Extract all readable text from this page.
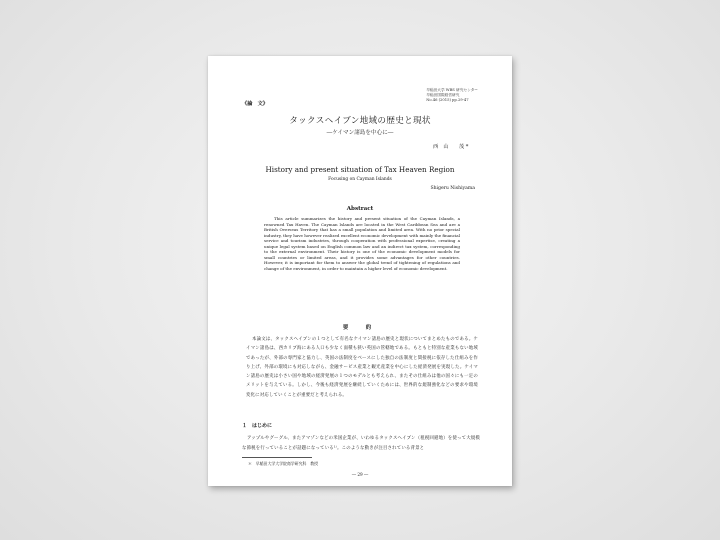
早稲田大学 WBS 研究センター
早稲田国際経営研究
No.46 (2015) pp.29-47
《論　文》
タックスヘイブン地域の歴史と現状
―ケイマン諸島を中心に―
西　山　　茂 *
History and present situation of Tax Heaven Region
Focusing on Cayman Islands
Shigeru Nishiyama
Abstract
This article summarizes the history and present situation of the Cayman Islands, a renowned Tax Haven. The Cayman Islands are located in the West Caribbean Sea and are a British Overseas Territory that has a small population and limited area. With no prior special industry, they have however realized excellent economic development with mainly the financial service and tourism industries, through cooperation with professional expertise, creating a unique legal system based on English common law and an indirect tax system, corresponding to the external environment. Their history is one of the economic development models for small countries or limited areas, and it provides some advantages for other countries. However, it is important for them to answer the global trend of tightening of regulations and change of the environment, in order to maintain a higher level of economic development.
要　約
本論文は、タックスヘイブンの１つとして有名なケイマン諸島の歴史と現状についてまとめたものである。ケイマン諸島は、西カリブ海にある人口も少なく面積も狭い英国の管轄地である。もともと特別な産業もない地域であったが、外部の専門家と協力し、英国の法制度をベースにした独自の法制度と間接税に依存した仕組みを作り上げ、外部の環境にも対応しながら、金融サービス産業と観光産業を中心にした経済発展を実現した。ケイマン諸島の歴史は小さい国や地域の経済発展の１つのモデルとも考えられ、またその仕組みは他の国々にも一定のメリットを与えている。しかし、今後も経済発展を継続していくためには、世界的な規制強化などの要求や環境変化に対応していくことが重要だと考えられる。
１　はじめに
アップルやグーグル、またアマゾンなどの米国企業が、いわゆるタックスヘイブン（租税回避地）を使って大規模な節税を行っていることが話題になっている¹⁾。このような動きが注目されている背景と
＊　早稲田大学大学院商学研究科　教授
― 29 ―
